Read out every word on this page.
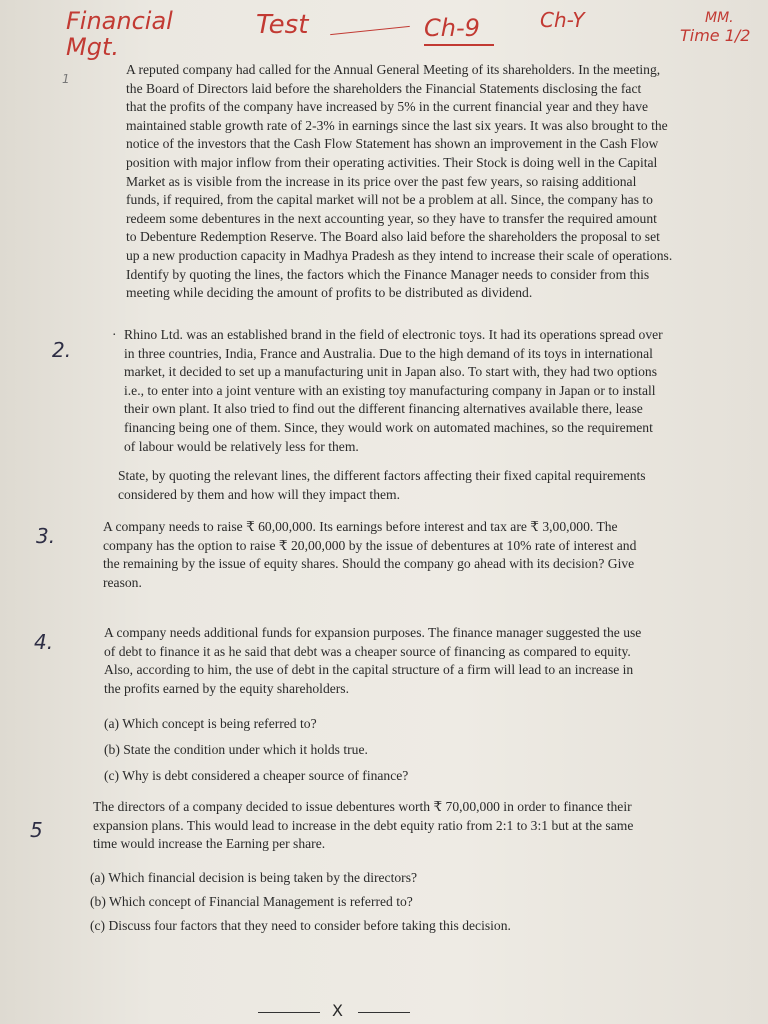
Financial Mgt.
Test	Ch-9	Ch-Y	MM.
Time 1/2
1
A reputed company had called for the Annual General Meeting of its shareholders. In the meeting,
the Board of Directors laid before the shareholders the Financial Statements disclosing the fact
that the profits of the company have increased by 5% in the current financial year and they have
maintained stable growth rate of 2-3% in earnings since the last six years. It was also brought to the
notice of the investors that the Cash Flow Statement has shown an improvement in the Cash Flow
position with major inflow from their operating activities. Their Stock is doing well in the Capital
Market as is visible from the increase in its price over the past few years, so raising additional
funds, if required, from the capital market will not be a problem at all. Since, the company has to
redeem some debentures in the next accounting year, so they have to transfer the required amount
to Debenture Redemption Reserve. The Board also laid before the shareholders the proposal to set
up a new production capacity in Madhya Pradesh as they intend to increase their scale of operations.
Identify by quoting the lines, the factors which the Finance Manager needs to consider from this
meeting while deciding the amount of profits to be distributed as dividend.
2.
· Rhino Ltd. was an established brand in the field of electronic toys. It had its operations spread over
in three countries, India, France and Australia. Due to the high demand of its toys in international
market, it decided to set up a manufacturing unit in Japan also. To start with, they had two options
i.e., to enter into a joint venture with an existing toy manufacturing company in Japan or to install
their own plant. It also tried to find out the different financing alternatives available there, lease
financing being one of them. Since, they would work on automated machines, so the requirement
of labour would be relatively less for them.
State, by quoting the relevant lines, the different factors affecting their fixed capital requirements
considered by them and how will they impact them.
3.	A company needs to raise ₹ 60,00,000. Its earnings before interest and tax are ₹ 3,00,000. The
company has the option to raise ₹ 20,00,000 by the issue of debentures at 10% rate of interest and
the remaining by the issue of equity shares. Should the company go ahead with its decision? Give
reason.
4.	A company needs additional funds for expansion purposes. The finance manager suggested the use
of debt to finance it as he said that debt was a cheaper source of financing as compared to equity.
Also, according to him, the use of debt in the capital structure of a firm will lead to an increase in
the profits earned by the equity shareholders.
(a) Which concept is being referred to?
(b) State the condition under which it holds true.
(c) Why is debt considered a cheaper source of finance?
5
The directors of a company decided to issue debentures worth ₹ 70,00,000 in order to finance their
expansion plans. This would lead to increase in the debt equity ratio from 2:1 to 3:1 but at the same
time would increase the Earning per share.
(a) Which financial decision is being taken by the directors?
(b) Which concept of Financial Management is referred to?
(c) Discuss four factors that they need to consider before taking this decision.
X
